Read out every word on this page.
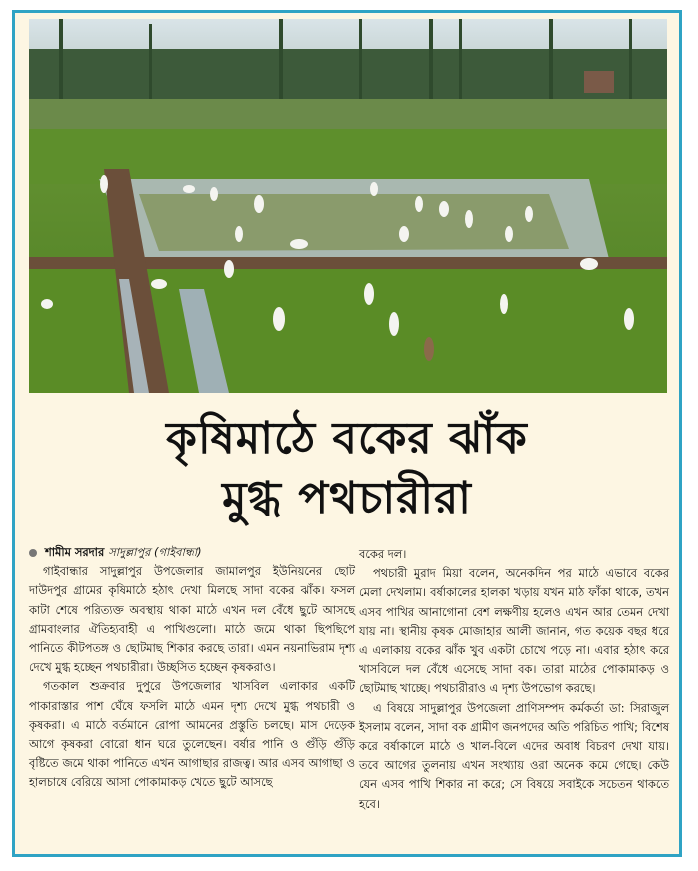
কৃষিমাঠে বকের ঝাঁক
মুগ্ধ পথচারীরা
শামীম সরদার সাদুল্লাপুর (গাইবান্ধা)

গাইবান্ধার সাদুল্লাপুর উপজেলার জামালপুর ইউনিয়নের ছোট দাউদপুর গ্রামের কৃষিমাঠে হঠাৎ দেখা মিলছে সাদা বকের ঝাঁক। ফসল কাটা শেষে পরিত্যক্ত অবস্থায় থাকা মাঠে এখন দল বেঁধে ছুটে আসছে গ্রামবাংলার ঐতিহ্যবাহী এ পাখিগুলো। মাঠে জমে থাকা ছিপছিপে পানিতে কীটপতঙ্গ ও ছোটমাছ শিকার করছে তারা। এমন নয়নাভিরাম দৃশ্য দেখে মুগ্ধ হচ্ছেন পথচারীরা। উচ্ছসিত হচ্ছেন কৃষকরাও।

গতকাল শুক্রবার দুপুরে উপজেলার খাসবিল এলাকার একটি পাকারাস্তার পাশ ঘেঁষে ফসলি মাঠে এমন দৃশ্য দেখে মুগ্ধ পথচারী ও কৃষকরা। এ মাঠে বর্তমানে রোপা আমনের প্রস্তুতি চলছে। মাস দেড়েক আগে কৃষকরা বোরো ধান ঘরে তুলেছেন। বর্ষার পানি ও গুঁড়ি গুঁড়ি বৃষ্টিতে জমে থাকা পানিতে এখন আগাছার রাজত্ব। আর এসব আগাছা ও হালচাষে বেরিয়ে আসা পোকামাকড় খেতে ছুটে আসছে

বকের দল।

পথচারী মুরাদ মিয়া বলেন, অনেকদিন পর মাঠে এভাবে বকের মেলা দেখলাম। বর্ষাকালের হালকা খড়ায় যখন মাঠ ফাঁকা থাকে, তখন এসব পাখির আনাগোনা বেশ লক্ষণীয় হলেও এখন আর তেমন দেখা যায় না। স্থানীয় কৃষক মোজাহার আলী জানান, গত কয়েক বছর ধরে এ এলাকায় বকের ঝাঁক খুব একটা চোখে পড়ে না। এবার হঠাৎ করে খাসবিলে দল বেঁধে এসেছে সাদা বক। তারা মাঠের পোকামাকড় ও ছোটমাছ খাচ্ছে। পথচারীরাও এ দৃশ্য উপভোগ করছে।

এ বিষয়ে সাদুল্লাপুর উপজেলা প্রাণিসম্পদ কর্মকর্তা ডা: সিরাজুল ইসলাম বলেন, সাদা বক গ্রামীণ জনপদের অতি পরিচিত পাখি; বিশেষ করে বর্ষাকালে মাঠে ও খাল-বিলে এদের অবাধ বিচরণ দেখা যায়। তবে আগের তুলনায় এখন সংখ্যায় ওরা অনেক কমে গেছে। কেউ যেন এসব পাখি শিকার না করে; সে বিষয়ে সবাইকে সচেতন থাকতে হবে।
